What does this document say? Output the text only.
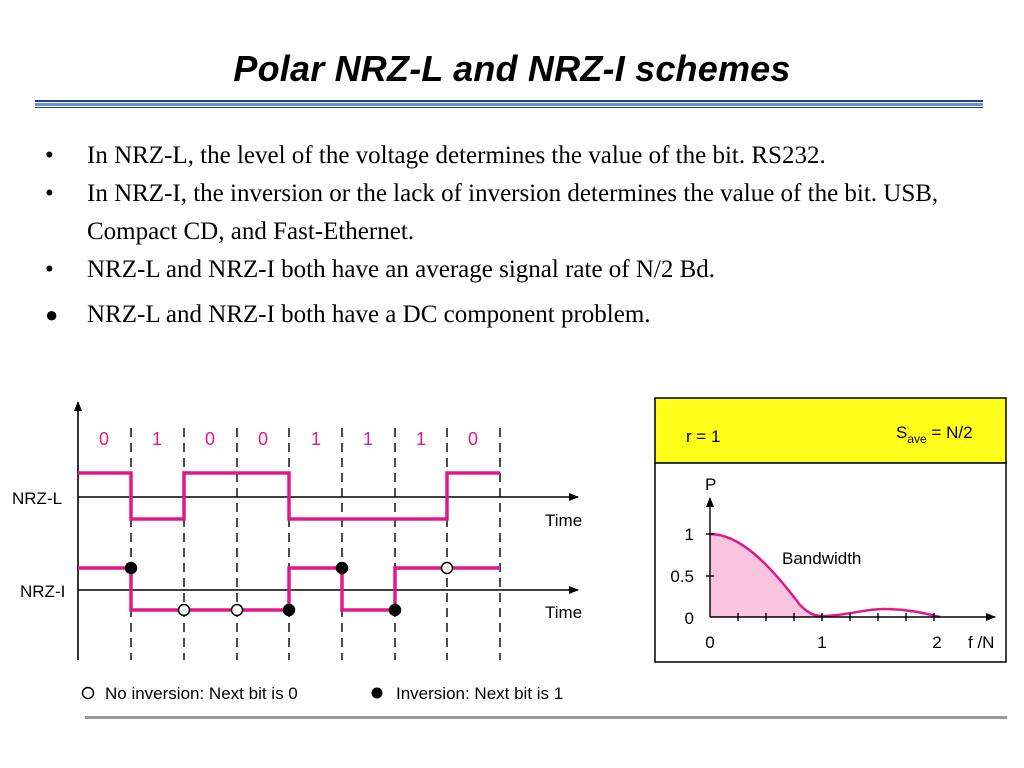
Polar NRZ-L and NRZ-I schemes
•	In NRZ-L, the level of the voltage determines the value of the bit. RS232.
•	In NRZ-I, the inversion or the lack of inversion determines the value of the bit. USB, Compact CD, and Fast-Ethernet.
•	NRZ-L and NRZ-I both have an average signal rate of N/2 Bd.
●	NRZ-L and NRZ-I both have a DC component problem.
0 1 0 0 1 1 1 0
NRZ-L
Time
NRZ-I
Time
No inversion: Next bit is 0	Inversion: Next bit is 1
r = 1	$S_{ave} = N/2$
P
f /N
Bandwidth
1
0.5
0
0	1	2
